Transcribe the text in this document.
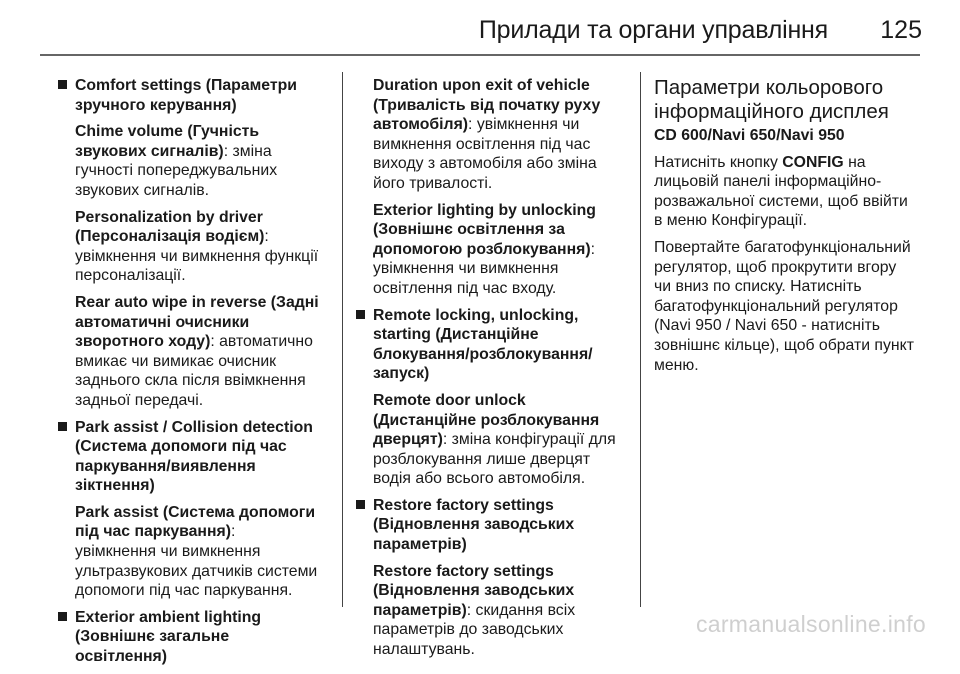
Прилади та органи управління 125

Comfort settings (Параметри зручного керування)

Chime volume (Гучність звукових сигналів): зміна гучності попереджувальних звукових сигналів.

Personalization by driver (Персоналізація водієм): увімкнення чи вимкнення функції персоналізації.

Rear auto wipe in reverse (Задні автоматичні очисники зворотного ходу): автоматично вмикає чи вимикає очисник заднього скла після ввімкнення задньої передачі.

Park assist / Collision detection (Система допомоги під час паркування/виявлення зіктнення)

Park assist (Система допомоги під час паркування): увімкнення чи вимкнення ультразвукових датчиків системи допомоги під час паркування.

Exterior ambient lighting (Зовнішнє загальне освітлення)

Duration upon exit of vehicle (Тривалість від початку руху автомобіля): увімкнення чи вимкнення освітлення під час виходу з автомобіля або зміна його тривалості.

Exterior lighting by unlocking (Зовнішнє освітлення за допомогою розблокування): увімкнення чи вимкнення освітлення під час входу.

Remote locking, unlocking, starting (Дистанційне блокування/розблокування/запуск)

Remote door unlock (Дистанційне розблокування дверцят): зміна конфігурації для розблокування лише дверцят водія або всього автомобіля.

Restore factory settings (Відновлення заводських параметрів)

Restore factory settings (Відновлення заводських параметрів): скидання всіх параметрів до заводських налаштувань.

Параметри кольорового інформаційного дисплея

CD 600/Navi 650/Navi 950

Натисніть кнопку CONFIG на лицьовій панелі інформаційно-розважальної системи, щоб ввійти в меню Конфігурації.

Повертайте багатофункціональний регулятор, щоб прокрутити вгору чи вниз по списку. Натисніть багатофункціональний регулятор (Navi 950 / Navi 650 - натисніть зовнішнє кільце), щоб обрати пункт меню.

carmanualsonline.info
